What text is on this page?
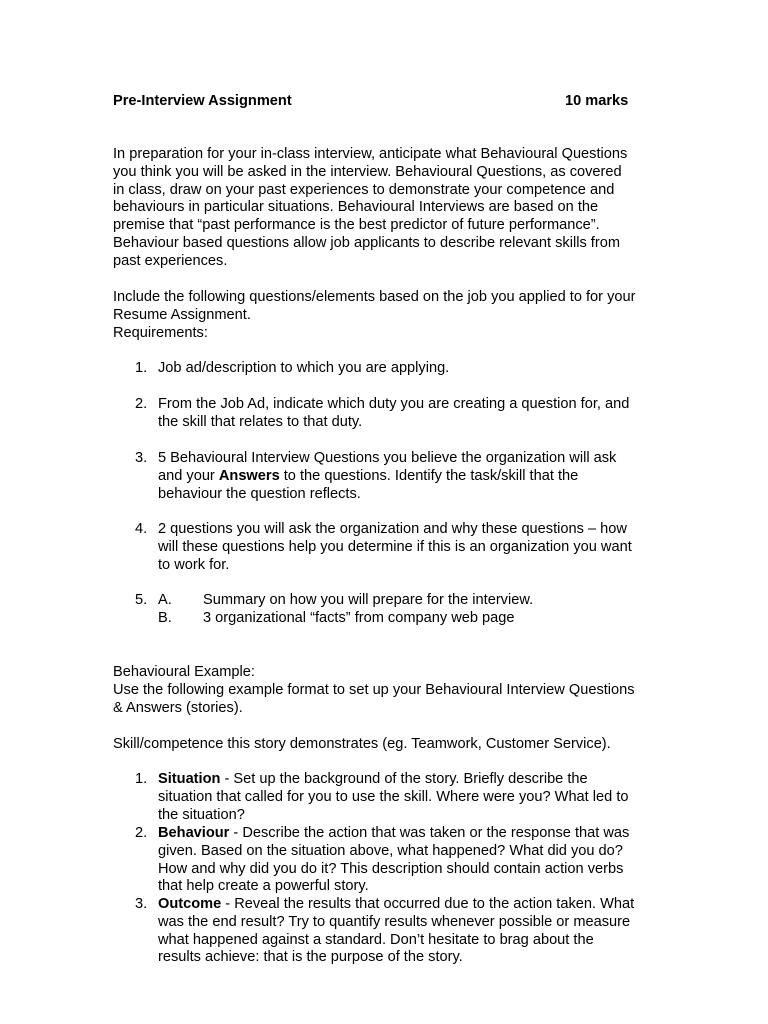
Pre-Interview Assignment	10 marks

In preparation for your in-class interview, anticipate what Behavioural Questions

you think you will be asked in the interview. Behavioural Questions, as covered

in class, draw on your past experiences to demonstrate your competence and

behaviours in particular situations. Behavioural Interviews are based on the

premise that “past performance is the best predictor of future performance”.

Behaviour based questions allow job applicants to describe relevant skills from

past experiences.

Include the following questions/elements based on the job you applied to for your

Resume Assignment.

Requirements:

1. Job ad/description to which you are applying.

2. From the Job Ad, indicate which duty you are creating a question for, and

the skill that relates to that duty.

3. 5 Behavioural Interview Questions you believe the organization will ask

and your Answers to the questions. Identify the task/skill that the

behaviour the question reflects.

4. 2 questions you will ask the organization and why these questions – how

will these questions help you determine if this is an organization you want

to work for.

5. A. Summary on how you will prepare for the interview.

B. 3 organizational “facts” from company web page

Behavioural Example:

Use the following example format to set up your Behavioural Interview Questions

& Answers (stories).

Skill/competence this story demonstrates (eg. Teamwork, Customer Service).

1. Situation - Set up the background of the story. Briefly describe the

situation that called for you to use the skill. Where were you? What led to

the situation?

2. Behaviour - Describe the action that was taken or the response that was

given. Based on the situation above, what happened? What did you do?

How and why did you do it? This description should contain action verbs

that help create a powerful story.

3. Outcome - Reveal the results that occurred due to the action taken. What

was the end result? Try to quantify results whenever possible or measure

what happened against a standard. Don’t hesitate to brag about the

results achieve: that is the purpose of the story.
